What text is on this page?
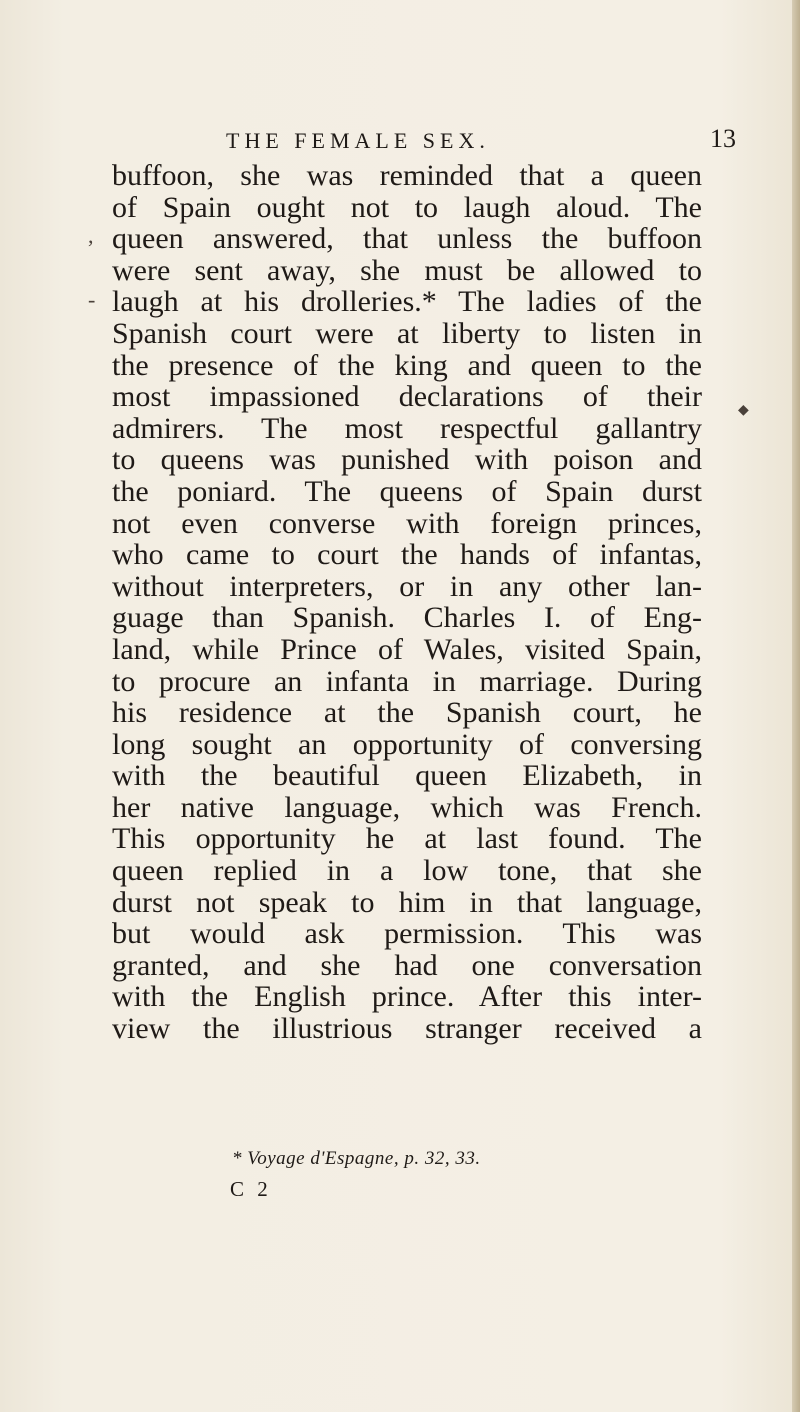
THE FEMALE SEX.	13
,
-
◆
buffoon, she was reminded that a queen
of Spain ought not to laugh aloud. The
queen answered, that unless the buffoon
were sent away, she must be allowed to
laugh at his drolleries.* The ladies of the
Spanish court were at liberty to listen in
the presence of the king and queen to the
most impassioned declarations of their
admirers. The most respectful gallantry
to queens was punished with poison and
the poniard. The queens of Spain durst
not even converse with foreign princes,
who came to court the hands of infantas,
without interpreters, or in any other lan-
guage than Spanish. Charles I. of Eng-
land, while Prince of Wales, visited Spain,
to procure an infanta in marriage. During
his residence at the Spanish court, he
long sought an opportunity of conversing
with the beautiful queen Elizabeth, in
her native language, which was French.
This opportunity he at last found. The
queen replied in a low tone, that she
durst not speak to him in that language,
but would ask permission. This was
granted, and she had one conversation
with the English prince. After this inter-
view the illustrious stranger received a
* Voyage d'Espagne, p. 32, 33.
C 2
